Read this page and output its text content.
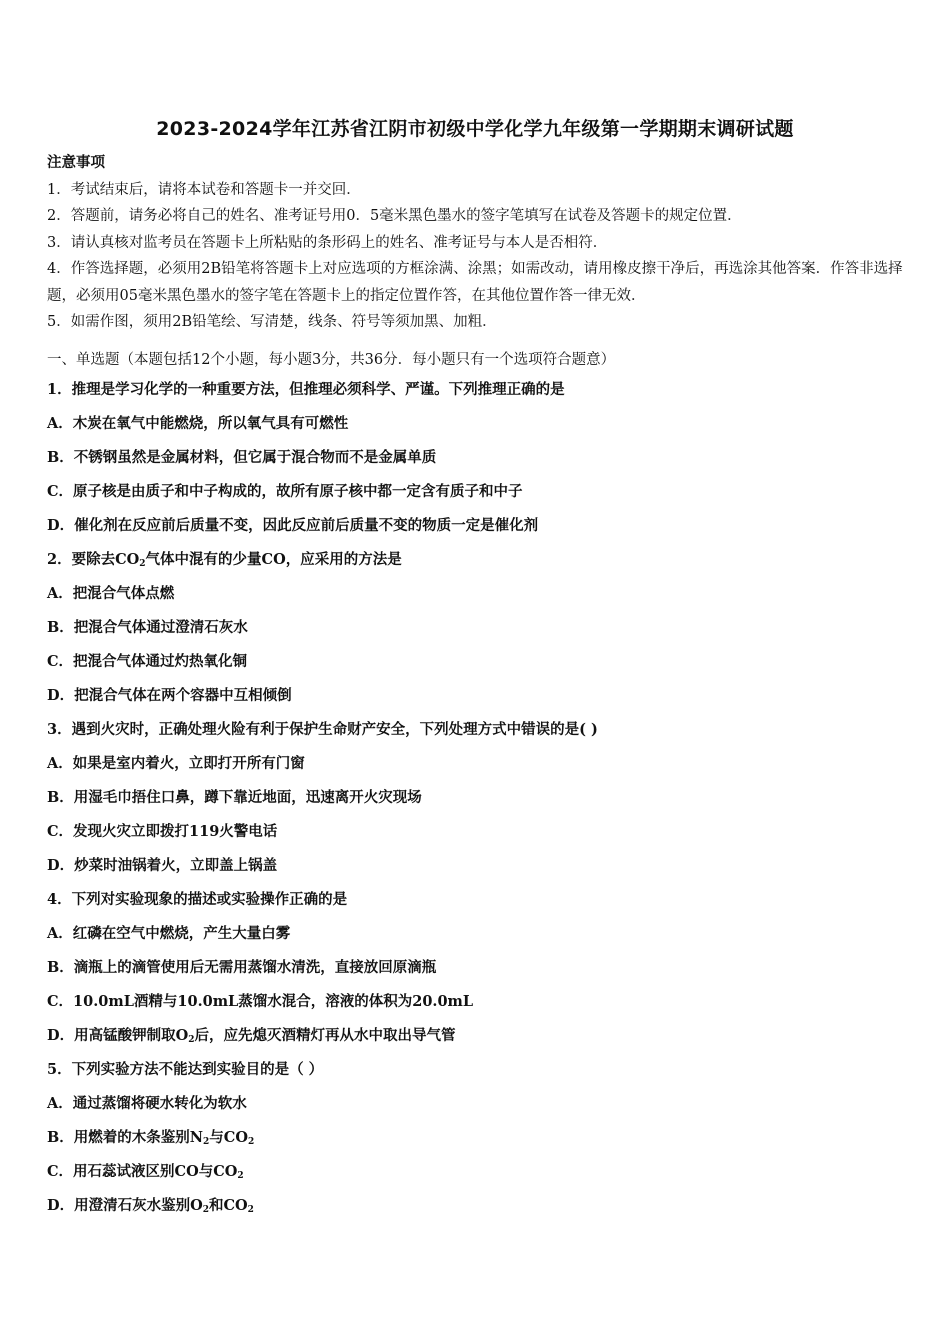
2023-2024学年江苏省江阴市初级中学化学九年级第一学期期末调研试题
注意事项
1．考试结束后，请将本试卷和答题卡一并交回．
2．答题前，请务必将自己的姓名、准考证号用0．5毫米黑色墨水的签字笔填写在试卷及答题卡的规定位置．
3．请认真核对监考员在答题卡上所粘贴的条形码上的姓名、准考证号与本人是否相符．
4．作答选择题，必须用2B铅笔将答题卡上对应选项的方框涂满、涂黑；如需改动，请用橡皮擦干净后，再选涂其他答案．作答非选择题，必须用05毫米黑色墨水的签字笔在答题卡上的指定位置作答，在其他位置作答一律无效．
5．如需作图，须用2B铅笔绘、写清楚，线条、符号等须加黑、加粗．
一、单选题（本题包括12个小题，每小题3分，共36分．每小题只有一个选项符合题意）
1．推理是学习化学的一种重要方法，但推理必须科学、严谨。下列推理正确的是
A．木炭在氧气中能燃烧，所以氧气具有可燃性
B．不锈钢虽然是金属材料，但它属于混合物而不是金属单质
C．原子核是由质子和中子构成的，故所有原子核中都一定含有质子和中子
D．催化剂在反应前后质量不变，因此反应前后质量不变的物质一定是催化剂
2．要除去$CO_2$气体中混有的少量CO，应采用的方法是
A．把混合气体点燃
B．把混合气体通过澄清石灰水
C．把混合气体通过灼热氧化铜
D．把混合气体在两个容器中互相倾倒
3．遇到火灾时，正确处理火险有利于保护生命财产安全，下列处理方式中错误的是( )
A．如果是室内着火，立即打开所有门窗
B．用湿毛巾捂住口鼻，蹲下靠近地面，迅速离开火灾现场
C．发现火灾立即拨打119火警电话
D．炒菜时油锅着火，立即盖上锅盖
4．下列对实验现象的描述或实验操作正确的是
A．红磷在空气中燃烧，产生大量白雾
B．滴瓶上的滴管使用后无需用蒸馏水清洗，直接放回原滴瓶
C．10.0mL酒精与10.0mL蒸馏水混合，溶液的体积为20.0mL
D．用高锰酸钾制取$O_2$后，应先熄灭酒精灯再从水中取出导气管
5．下列实验方法不能达到实验目的是（ ）
A．通过蒸馏将硬水转化为软水
B．用燃着的木条鉴别$N_2$与$CO_2$
C．用石蕊试液区别CO与$CO_2$
D．用澄清石灰水鉴别$O_2$和$CO_2$
